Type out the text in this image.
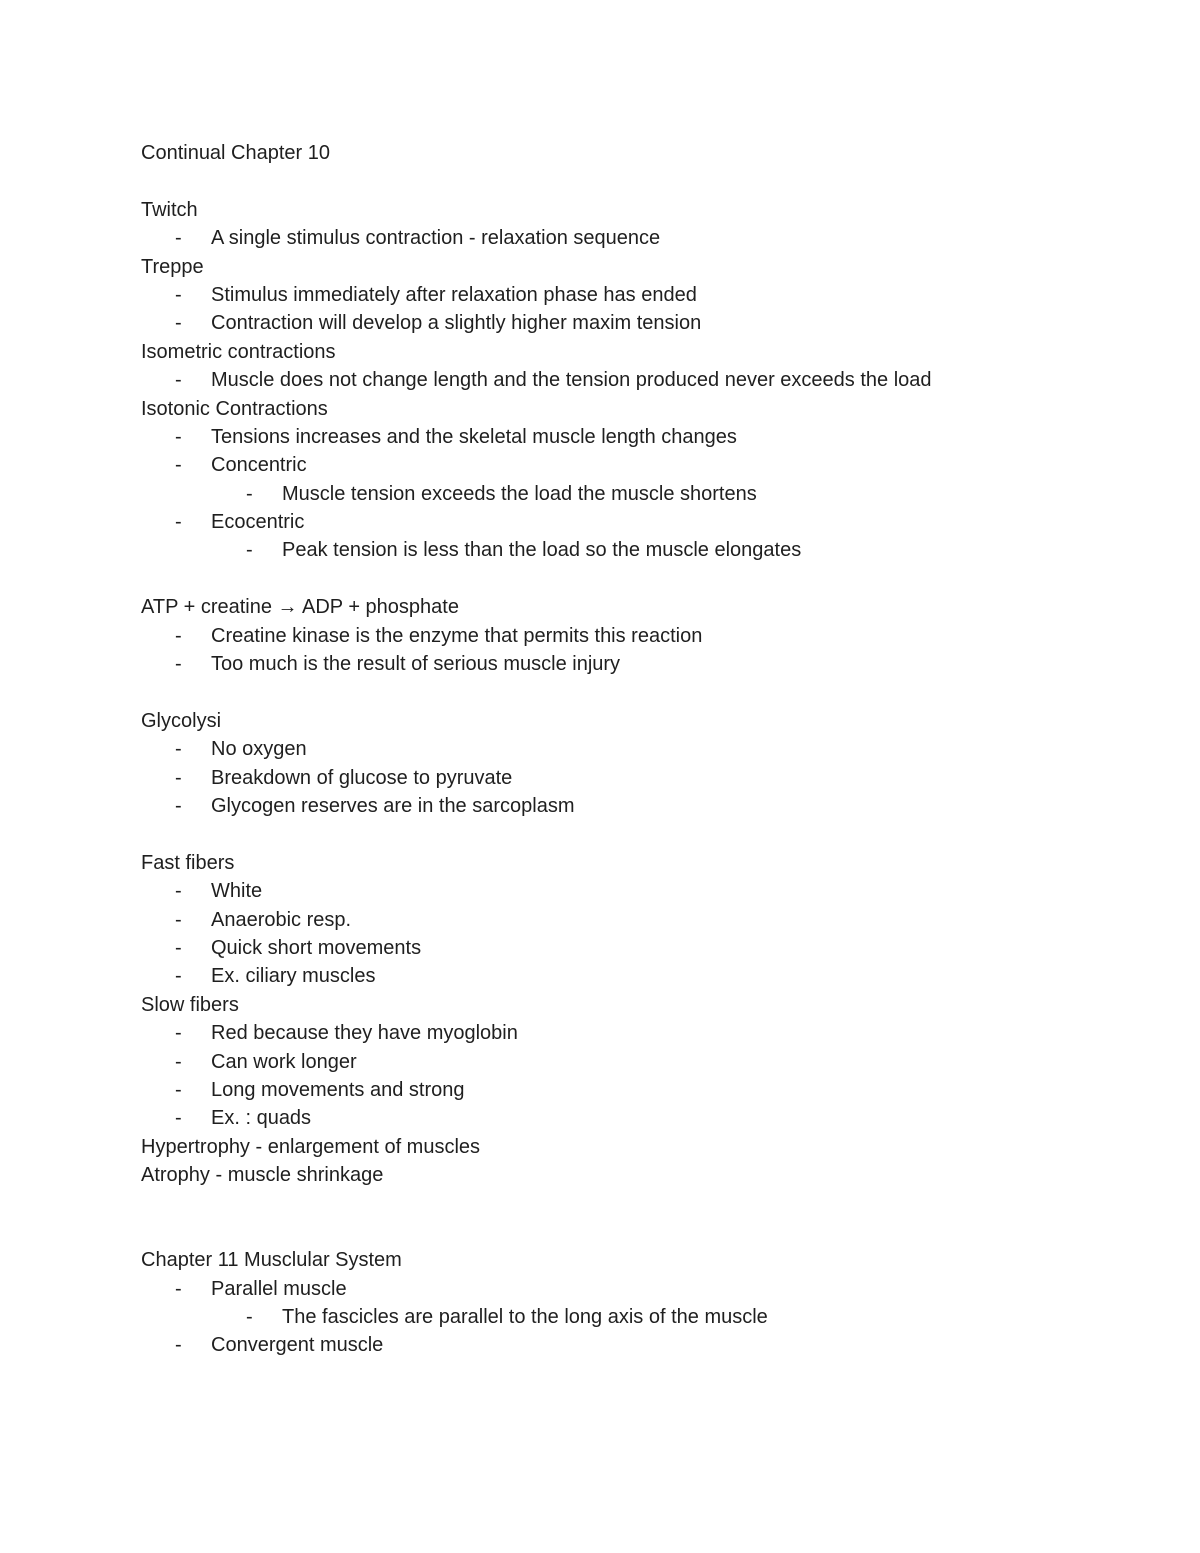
Continual Chapter 10
Twitch
- A single stimulus contraction - relaxation sequence
Treppe
- Stimulus immediately after relaxation phase has ended
- Contraction will develop a slightly higher maxim tension
Isometric contractions
- Muscle does not change length and the tension produced never exceeds the load
Isotonic Contractions
- Tensions increases and the skeletal muscle length changes
- Concentric
- Muscle tension exceeds the load the muscle shortens
- Ecocentric
- Peak tension is less than the load so the muscle elongates
ATP + creatine → ADP + phosphate
- Creatine kinase is the enzyme that permits this reaction
- Too much is the result of serious muscle injury
Glycolysi
- No oxygen
- Breakdown of glucose to pyruvate
- Glycogen reserves are in the sarcoplasm
Fast fibers
- White
- Anaerobic resp.
- Quick short movements
- Ex. ciliary muscles
Slow fibers
- Red because they have myoglobin
- Can work longer
- Long movements and strong
- Ex. : quads
Hypertrophy - enlargement of muscles
Atrophy - muscle shrinkage
Chapter 11 Musclular System
- Parallel muscle
- The fascicles are parallel to the long axis of the muscle
- Convergent muscle
